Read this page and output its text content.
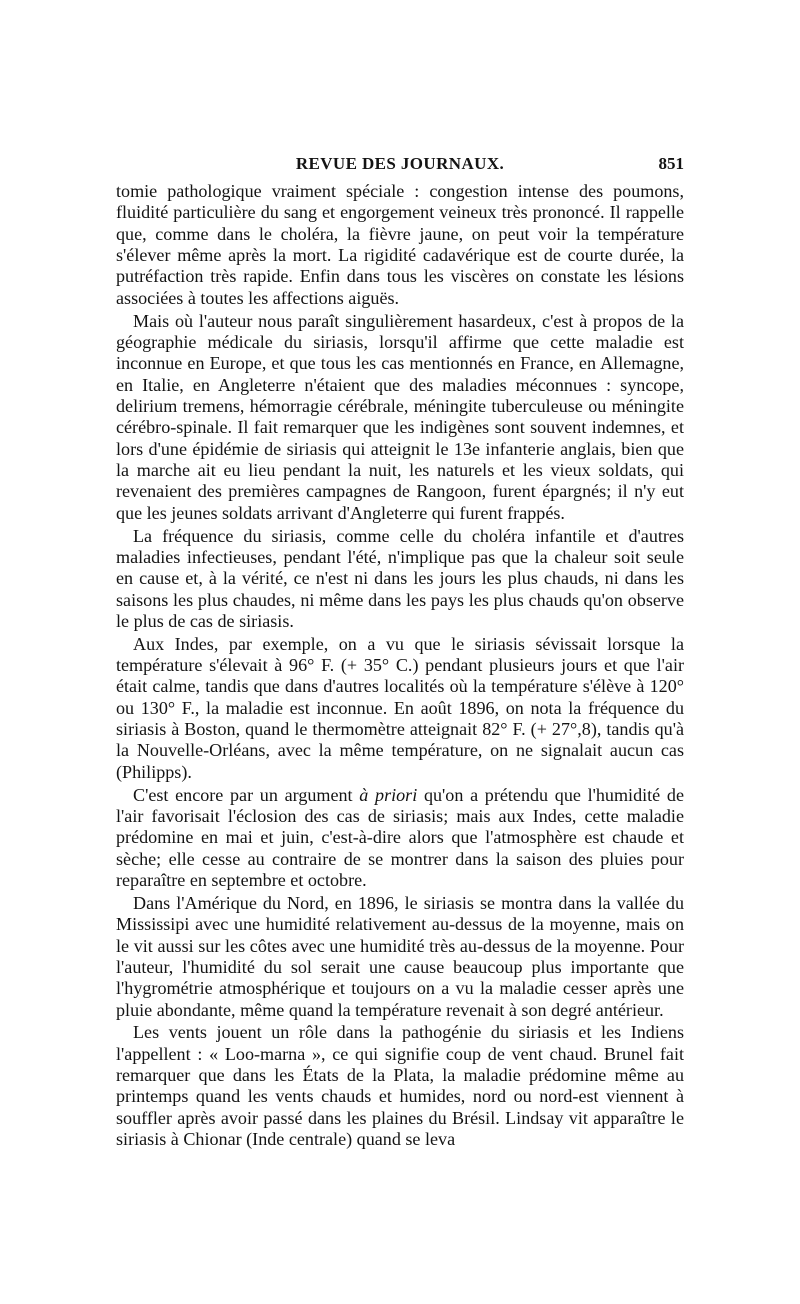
REVUE DES JOURNAUX.	851

tomie pathologique vraiment spéciale : congestion intense des poumons, fluidité particulière du sang et engorgement veineux très prononcé. Il rappelle que, comme dans le choléra, la fièvre jaune, on peut voir la température s'élever même après la mort. La rigidité cadavérique est de courte durée, la putréfaction très rapide. Enfin dans tous les viscères on constate les lésions associées à toutes les affections aiguës.

Mais où l'auteur nous paraît singulièrement hasardeux, c'est à propos de la géographie médicale du siriasis, lorsqu'il affirme que cette maladie est inconnue en Europe, et que tous les cas mentionnés en France, en Allemagne, en Italie, en Angleterre n'étaient que des maladies méconnues : syncope, delirium tremens, hémorragie cérébrale, méningite tuberculeuse ou méningite cérébro-spinale. Il fait remarquer que les indigènes sont souvent indemnes, et lors d'une épidémie de siriasis qui atteignit le 13e infanterie anglais, bien que la marche ait eu lieu pendant la nuit, les naturels et les vieux soldats, qui revenaient des premières campagnes de Rangoon, furent épargnés; il n'y eut que les jeunes soldats arrivant d'Angleterre qui furent frappés.

La fréquence du siriasis, comme celle du choléra infantile et d'autres maladies infectieuses, pendant l'été, n'implique pas que la chaleur soit seule en cause et, à la vérité, ce n'est ni dans les jours les plus chauds, ni dans les saisons les plus chaudes, ni même dans les pays les plus chauds qu'on observe le plus de cas de siriasis.

Aux Indes, par exemple, on a vu que le siriasis sévissait lorsque la température s'élevait à 96° F. (+ 35° C.) pendant plusieurs jours et que l'air était calme, tandis que dans d'autres localités où la température s'élève à 120° ou 130° F., la maladie est inconnue. En août 1896, on nota la fréquence du siriasis à Boston, quand le thermomètre atteignait 82° F. (+ 27°,8), tandis qu'à la Nouvelle-Orléans, avec la même température, on ne signalait aucun cas (Philipps).

C'est encore par un argument à priori qu'on a prétendu que l'humidité de l'air favorisait l'éclosion des cas de siriasis; mais aux Indes, cette maladie prédomine en mai et juin, c'est-à-dire alors que l'atmosphère est chaude et sèche; elle cesse au contraire de se montrer dans la saison des pluies pour reparaître en septembre et octobre.

Dans l'Amérique du Nord, en 1896, le siriasis se montra dans la vallée du Mississipi avec une humidité relativement au-dessus de la moyenne, mais on le vit aussi sur les côtes avec une humidité très au-dessus de la moyenne. Pour l'auteur, l'humidité du sol serait une cause beaucoup plus importante que l'hygrométrie atmosphérique et toujours on a vu la maladie cesser après une pluie abondante, même quand la température revenait à son degré antérieur.

Les vents jouent un rôle dans la pathogénie du siriasis et les Indiens l'appellent : « Loo-marna », ce qui signifie coup de vent chaud. Brunel fait remarquer que dans les États de la Plata, la maladie prédomine même au printemps quand les vents chauds et humides, nord ou nord-est viennent à souffler après avoir passé dans les plaines du Brésil. Lindsay vit apparaître le siriasis à Chionar (Inde centrale) quand se leva
